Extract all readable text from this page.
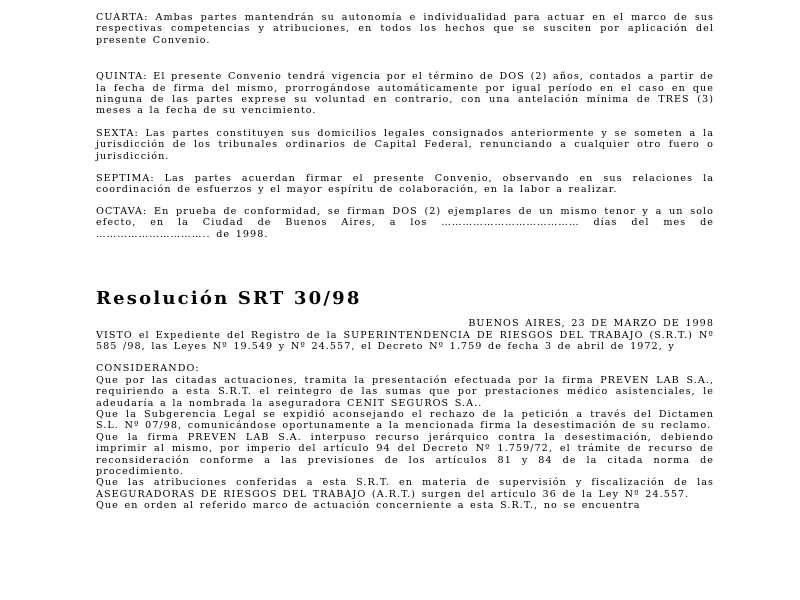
CUARTA: Ambas partes mantendrán su autonomía e individualidad para actuar en el marco de sus respectivas competencias y atribuciones, en todos los hechos que se susciten por aplicación del presente Convenio.

QUINTA: El presente Convenio tendrá vigencia por el término de DOS (2) años, contados a partir de la fecha de firma del mismo, prorrogándose automáticamente por igual período en el caso en que ninguna de las partes exprese su voluntad en contrario, con una antelación mínima de TRES (3) meses a la fecha de su vencimiento.

SEXTA: Las partes constituyen sus domicilios legales consignados anteriormente y se someten a la jurisdicción de los tribunales ordinarios de Capital Federal, renunciando a cualquier otro fuero o jurisdicción.

SEPTIMA: Las partes acuerdan firmar el presente Convenio, observando en sus relaciones la coordinación de esfuerzos y el mayor espíritu de colaboración, en la labor a realizar.

OCTAVA: En prueba de conformidad, se firman DOS (2) ejemplares de un mismo tenor y a un solo efecto, en la Ciudad de Buenos Aires, a los ………………………………… días del mes de ………………………….. de 1998.

Resolución SRT 30/98

BUENOS AIRES, 23 DE MARZO DE 1998

VISTO el Expediente del Registro de la SUPERINTENDENCIA DE RIESGOS DEL TRABAJO (S.R.T.) Nº 585 /98, las Leyes Nº 19.549 y Nº 24.557, el Decreto Nº 1.759 de fecha 3 de abril de 1972, y

CONSIDERANDO:

Que por las citadas actuaciones, tramita la presentación efectuada por la firma PREVEN LAB S.A., requiriendo a esta S.R.T. el reintegro de las sumas que por prestaciones médico asistenciales, le adeudaría a la nombrada la aseguradora CENIT SEGUROS S.A..

Que la Subgerencia Legal se expidió aconsejando el rechazo de la petición a través del Dictamen S.L. Nº 07/98, comunicándose oportunamente a la mencionada firma la desestimación de su reclamo.

Que la firma PREVEN LAB S.A. interpuso recurso jerárquico contra la desestimación, debiendo imprimir al mismo, por imperio del artículo 94 del Decreto Nº 1.759/72, el trámite de recurso de reconsideración conforme a las previsiones de los artículos 81 y 84 de la citada norma de procedimiento.

Que las atribuciones conferidas a esta S.R.T. en materia de supervisión y fiscalización de las ASEGURADORAS DE RIESGOS DEL TRABAJO (A.R.T.) surgen del artículo 36 de la Ley Nº 24.557.

Que en orden al referido marco de actuación concerniente a esta S.R.T., no se encuentra
